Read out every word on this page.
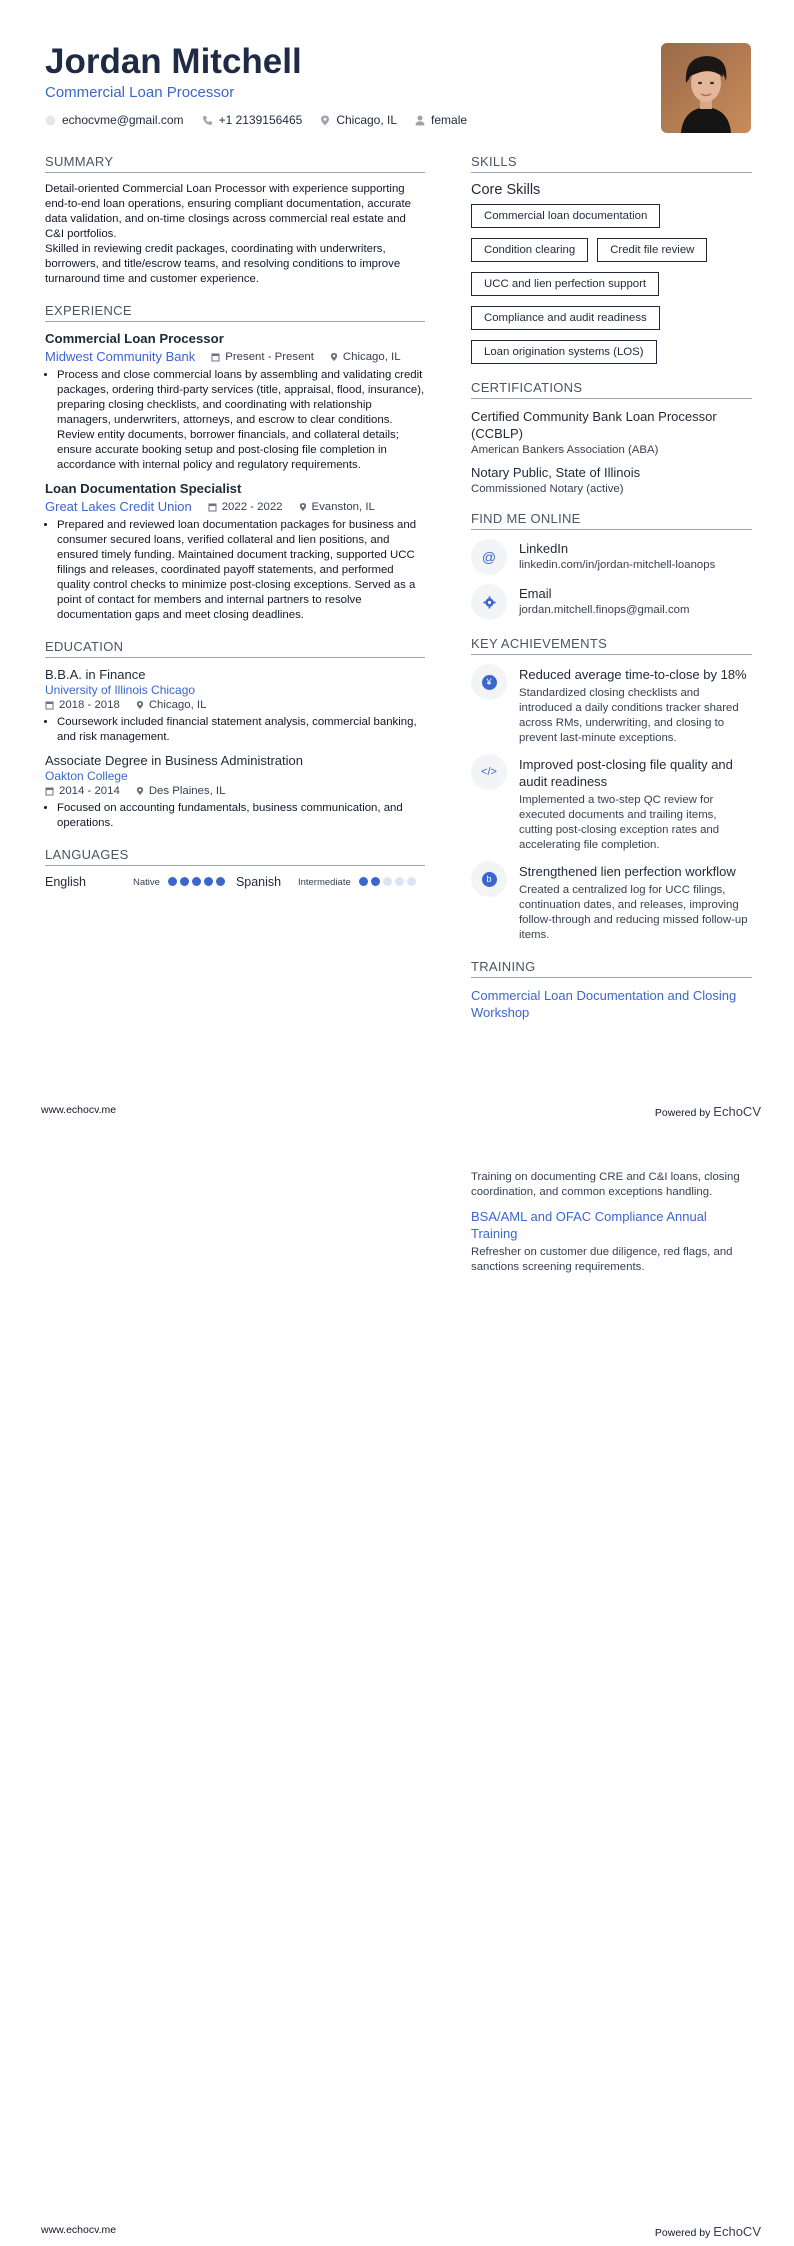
Jordan Mitchell
Commercial Loan Processor
echocvme@gmail.com	+1 2139156465	Chicago, IL	female
SUMMARY
Detail-oriented Commercial Loan Processor with experience supporting end-to-end loan operations, ensuring compliant documentation, accurate data validation, and on-time closings across commercial real estate and C&I portfolios.
Skilled in reviewing credit packages, coordinating with underwriters, borrowers, and title/escrow teams, and resolving conditions to improve turnaround time and customer experience.
EXPERIENCE
Commercial Loan Processor
Midwest Community Bank	Present - Present	Chicago, IL
• Process and close commercial loans by assembling and validating credit packages, ordering third-party services (title, appraisal, flood, insurance), preparing closing checklists, and coordinating with relationship managers, underwriters, attorneys, and escrow to clear conditions. Review entity documents, borrower financials, and collateral details; ensure accurate booking setup and post-closing file completion in accordance with internal policy and regulatory requirements.
Loan Documentation Specialist
Great Lakes Credit Union	2022 - 2022	Evanston, IL
• Prepared and reviewed loan documentation packages for business and consumer secured loans, verified collateral and lien positions, and ensured timely funding. Maintained document tracking, supported UCC filings and releases, coordinated payoff statements, and performed quality control checks to minimize post-closing exceptions. Served as a point of contact for members and internal partners to resolve documentation gaps and meet closing deadlines.
EDUCATION
B.B.A. in Finance
University of Illinois Chicago
2018 - 2018	Chicago, IL
• Coursework included financial statement analysis, commercial banking, and risk management.
Associate Degree in Business Administration
Oakton College
2014 - 2014	Des Plaines, IL
• Focused on accounting fundamentals, business communication, and operations.
LANGUAGES
English	Native	Spanish	Intermediate
SKILLS
Core Skills
Commercial loan documentation
Condition clearing	Credit file review
UCC and lien perfection support
Compliance and audit readiness
Loan origination systems (LOS)
CERTIFICATIONS
Certified Community Bank Loan Processor (CCBLP)
American Bankers Association (ABA)
Notary Public, State of Illinois
Commissioned Notary (active)
FIND ME ONLINE
@
LinkedIn
linkedin.com/in/jordan-mitchell-loanops
Email
jordan.mitchell.finops@gmail.com
KEY ACHIEVEMENTS
¥	Reduced average time-to-close by 18%
Standardized closing checklists and introduced a daily conditions tracker shared across RMs, underwriting, and closing to prevent last-minute exceptions.
</>	Improved post-closing file quality and audit readiness
Implemented a two-step QC review for executed documents and trailing items, cutting post-closing exception rates and accelerating file completion.
b	Strengthened lien perfection workflow
Created a centralized log for UCC filings, continuation dates, and releases, improving follow-through and reducing missed follow-up items.
TRAINING
Commercial Loan Documentation and Closing Workshop
www.echocv.me	Powered by EchoCV
Training on documenting CRE and C&I loans, closing coordination, and common exceptions handling.
BSA/AML and OFAC Compliance Annual Training
Refresher on customer due diligence, red flags, and sanctions screening requirements.
www.echocv.me	Powered by EchoCV
